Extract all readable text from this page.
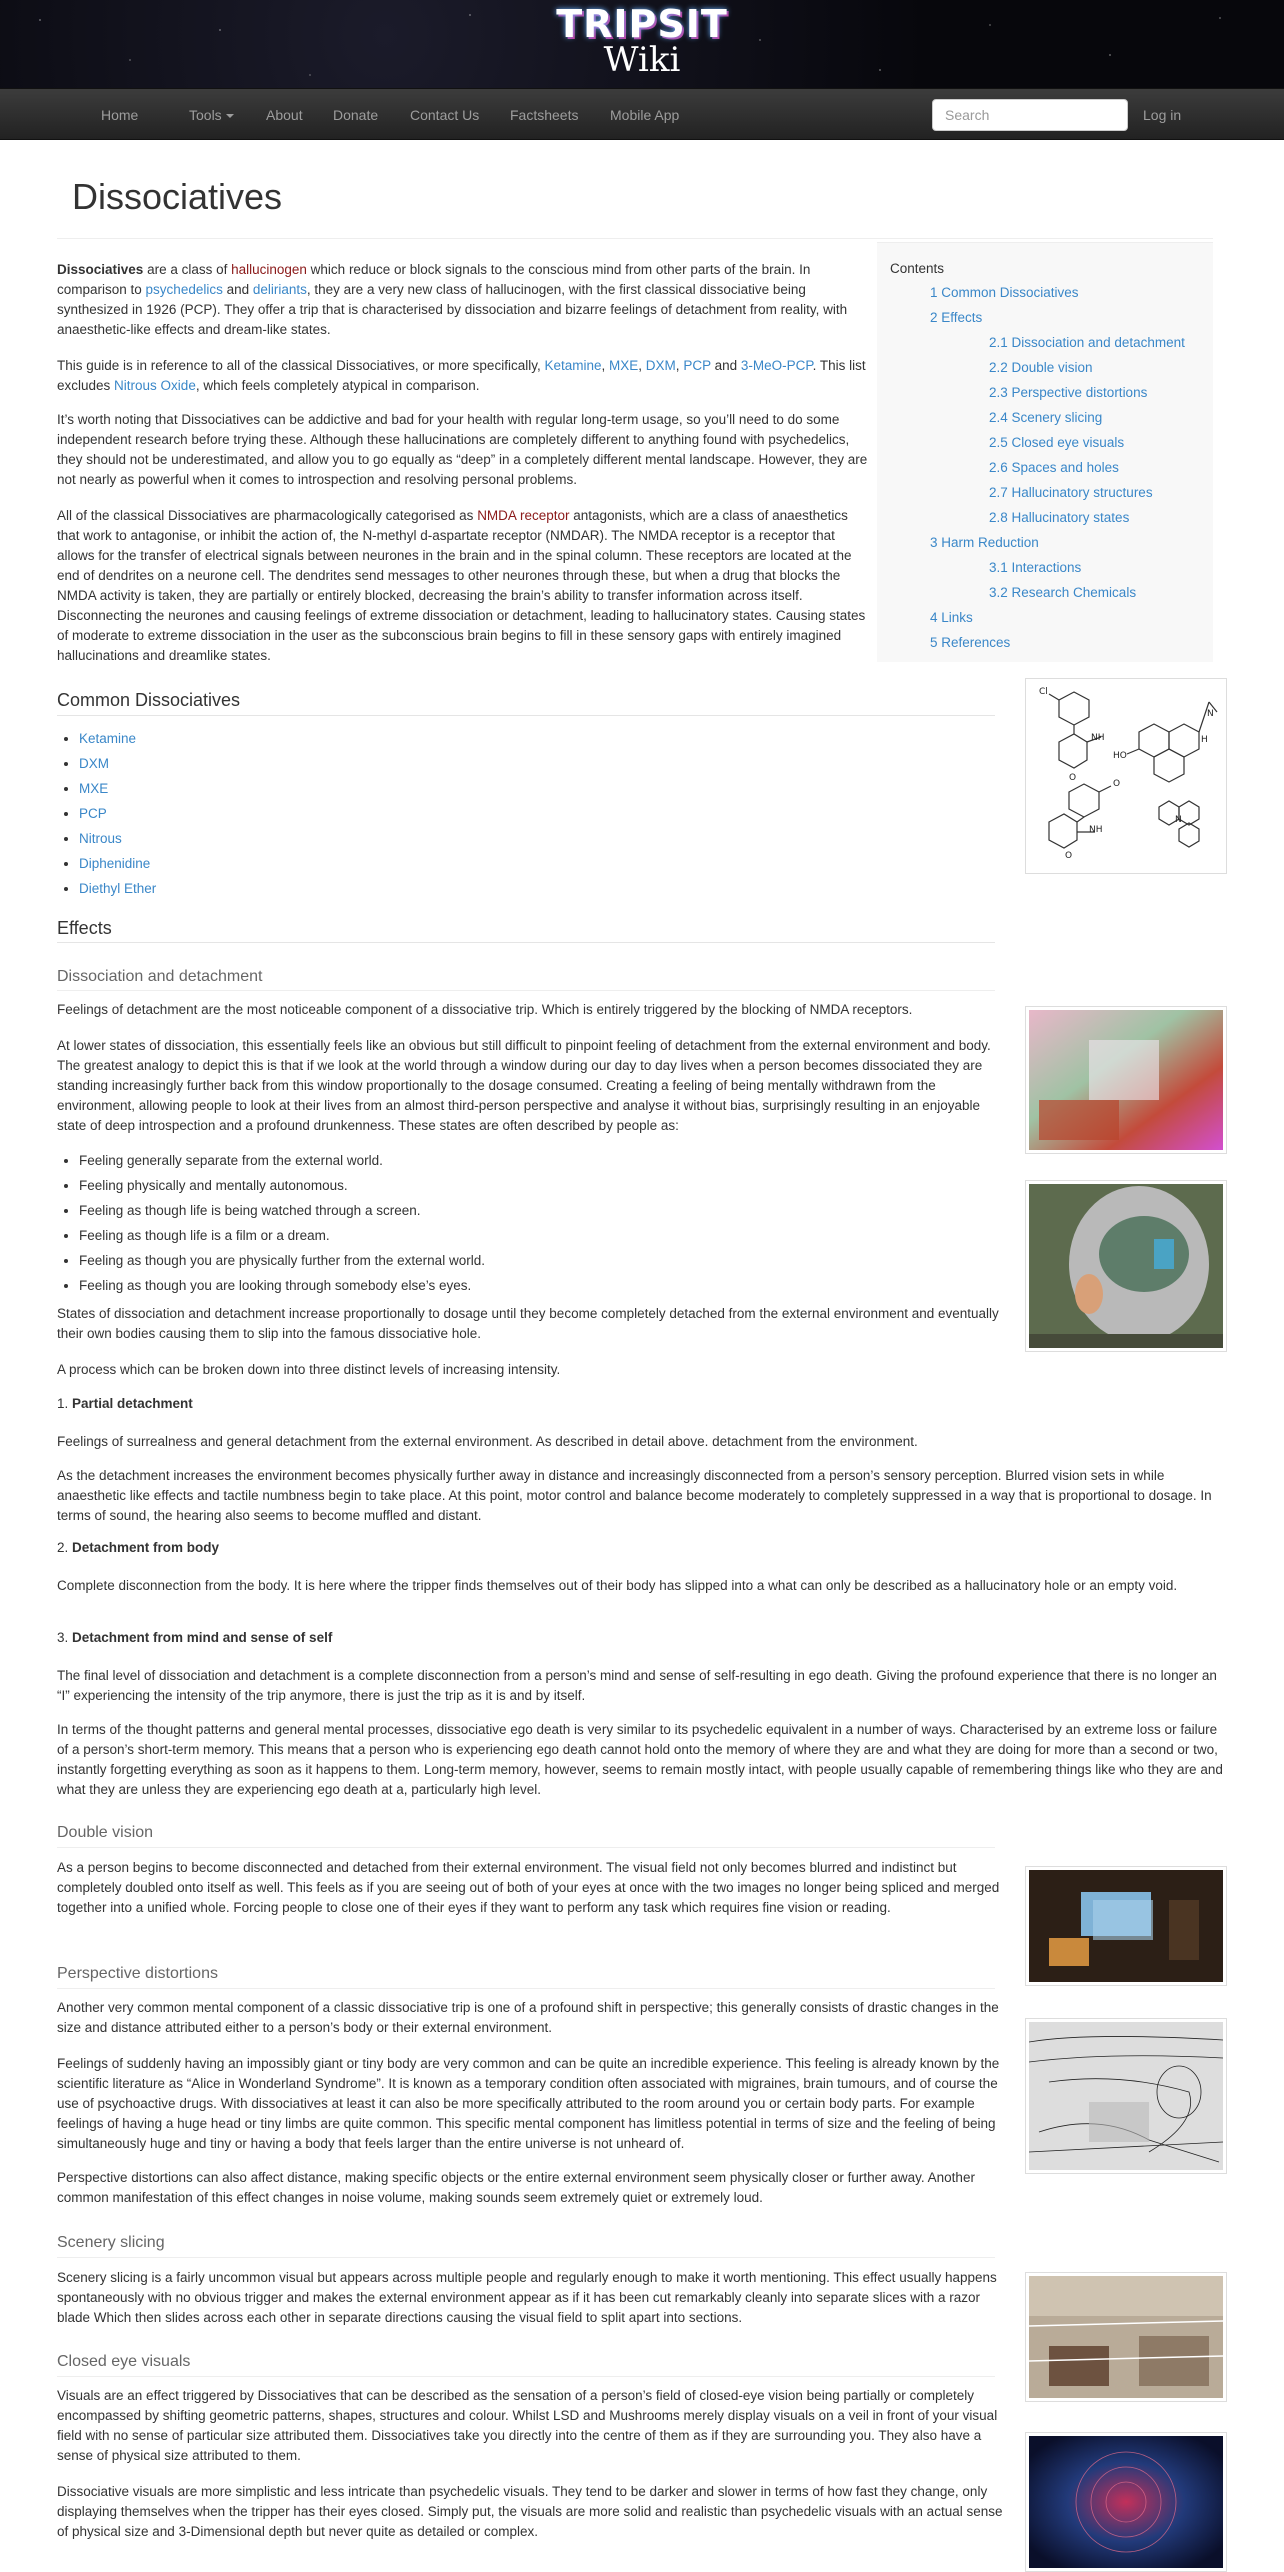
TRIPSIT
Wiki
Home	Tools	About Donate Contact Us Factsheets Mobile App
Search	Log in
Dissociatives

Dissociatives are a class of hallucinogen which reduce or block signals to the conscious mind from other parts of the brain. In comparison to psychedelics and deliriants, they are a very new class of hallucinogen, with the first classical dissociative being synthesized in 1926 (PCP). They offer a trip that is characterised by dissociation and bizarre feelings of detachment from reality, with anaesthetic-like effects and dream-like states.

This guide is in reference to all of the classical Dissociatives, or more specifically, Ketamine, MXE, DXM, PCP and 3-MeO-PCP. This list excludes Nitrous Oxide, which feels completely atypical in comparison.

It’s worth noting that Dissociatives can be addictive and bad for your health with regular long-term usage, so you’ll need to do some independent research before trying these. Although these hallucinations are completely different to anything found with psychedelics, they should not be underestimated, and allow you to go equally as “deep” in a completely different mental landscape. However, they are not nearly as powerful when it comes to introspection and resolving personal problems.

All of the classical Dissociatives are pharmacologically categorised as NMDA receptor antagonists, which are a class of anaesthetics that work to antagonise, or inhibit the action of, the N-methyl d-aspartate receptor (NMDAR). The NMDA receptor is a receptor that allows for the transfer of electrical signals between neurones in the brain and in the spinal column. These receptors are located at the end of dendrites on a neurone cell. The dendrites send messages to other neurones through these, but when a drug that blocks the NMDA activity is taken, they are partially or entirely blocked, decreasing the brain’s ability to transfer information across itself. Disconnecting the neurones and causing feelings of extreme dissociation or detachment, leading to hallucinatory states. Causing states of moderate to extreme dissociation in the user as the subconscious brain begins to fill in these sensory gaps with entirely imagined hallucinations and dreamlike states.

Contents
1 Common Dissociatives
2 Effects
2.1 Dissociation and detachment
2.2 Double vision
2.3 Perspective distortions
2.4 Scenery slicing
2.5 Closed eye visuals
2.6 Spaces and holes
2.7 Hallucinatory structures
2.8 Hallucinatory states
3 Harm Reduction
3.1 Interactions
3.2 Research Chemicals
4 Links
5 References
Cl
NH
O
HO
N
H
O
NH
O
N
Common Dissociatives
• Ketamine
• DXM
• MXE
• PCP
• Nitrous
• Diphenidine
• Diethyl Ether
Effects
Dissociation and detachment

Feelings of detachment are the most noticeable component of a dissociative trip. Which is entirely triggered by the blocking of NMDA receptors.

At lower states of dissociation, this essentially feels like an obvious but still difficult to pinpoint feeling of detachment from the external environment and body. The greatest analogy to depict this is that if we look at the world through a window during our day to day lives when a person becomes dissociated they are standing increasingly further back from this window proportionally to the dosage consumed. Creating a feeling of being mentally withdrawn from the environment, allowing people to look at their lives from an almost third-person perspective and analyse it without bias, surprisingly resulting in an enjoyable state of deep introspection and a profound drunkenness. These states are often described by people as:

• Feeling generally separate from the external world.
• Feeling physically and mentally autonomous.
• Feeling as though life is being watched through a screen.
• Feeling as though life is a film or a dream.
• Feeling as though you are physically further from the external world.
• Feeling as though you are looking through somebody else’s eyes.

States of dissociation and detachment increase proportionally to dosage until they become completely detached from the external environment and eventually their own bodies causing them to slip into the famous dissociative hole.

A process which can be broken down into three distinct levels of increasing intensity.

1. Partial detachment

Feelings of surrealness and general detachment from the external environment. As described in detail above. detachment from the environment.

As the detachment increases the environment becomes physically further away in distance and increasingly disconnected from a person’s sensory perception. Blurred vision sets in while anaesthetic like effects and tactile numbness begin to take place. At this point, motor control and balance become moderately to completely suppressed in a way that is proportional to dosage. In terms of sound, the hearing also seems to become muffled and distant.

2. Detachment from body

Complete disconnection from the body. It is here where the tripper finds themselves out of their body has slipped into a what can only be described as a hallucinatory hole or an empty void.

3. Detachment from mind and sense of self

The final level of dissociation and detachment is a complete disconnection from a person’s mind and sense of self-resulting in ego death. Giving the profound experience that there is no longer an “I” experiencing the intensity of the trip anymore, there is just the trip as it is and by itself.

In terms of the thought patterns and general mental processes, dissociative ego death is very similar to its psychedelic equivalent in a number of ways. Characterised by an extreme loss or failure of a person’s short-term memory. This means that a person who is experiencing ego death cannot hold onto the memory of where they are and what they are doing for more than a second or two, instantly forgetting everything as soon as it happens to them. Long-term memory, however, seems to remain mostly intact, with people usually capable of remembering things like who they are and what they are unless they are experiencing ego death at a, particularly high level.

Double vision

As a person begins to become disconnected and detached from their external environment. The visual field not only becomes blurred and indistinct but completely doubled onto itself as well. This feels as if you are seeing out of both of your eyes at once with the two images no longer being spliced and merged together into a unified whole. Forcing people to close one of their eyes if they want to perform any task which requires fine vision or reading.

Perspective distortions

Another very common mental component of a classic dissociative trip is one of a profound shift in perspective; this generally consists of drastic changes in the size and distance attributed either to a person’s body or their external environment.

Feelings of suddenly having an impossibly giant or tiny body are very common and can be quite an incredible experience. This feeling is already known by the scientific literature as “Alice in Wonderland Syndrome”. It is known as a temporary condition often associated with migraines, brain tumours, and of course the use of psychoactive drugs. With dissociatives at least it can also be more specifically attributed to the room around you or certain body parts. For example feelings of having a huge head or tiny limbs are quite common. This specific mental component has limitless potential in terms of size and the feeling of being simultaneously huge and tiny or having a body that feels larger than the entire universe is not unheard of.

Perspective distortions can also affect distance, making specific objects or the entire external environment seem physically closer or further away. Another common manifestation of this effect changes in noise volume, making sounds seem extremely quiet or extremely loud.

Scenery slicing

Scenery slicing is a fairly uncommon visual but appears across multiple people and regularly enough to make it worth mentioning. This effect usually happens spontaneously with no obvious trigger and makes the external environment appear as if it has been cut remarkably cleanly into separate slices with a razor blade Which then slides across each other in separate directions causing the visual field to split apart into sections.

Closed eye visuals

Visuals are an effect triggered by Dissociatives that can be described as the sensation of a person’s field of closed-eye vision being partially or completely encompassed by shifting geometric patterns, shapes, structures and colour. Whilst LSD and Mushrooms merely display visuals on a veil in front of your visual field with no sense of particular size attributed them. Dissociatives take you directly into the centre of them as if they are surrounding you. They also have a sense of physical size attributed to them.

Dissociative visuals are more simplistic and less intricate than psychedelic visuals. They tend to be darker and slower in terms of how fast they change, only displaying themselves when the tripper has their eyes closed. Simply put, the visuals are more solid and realistic than psychedelic visuals with an actual sense of physical size and 3-Dimensional depth but never quite as detailed or complex.
